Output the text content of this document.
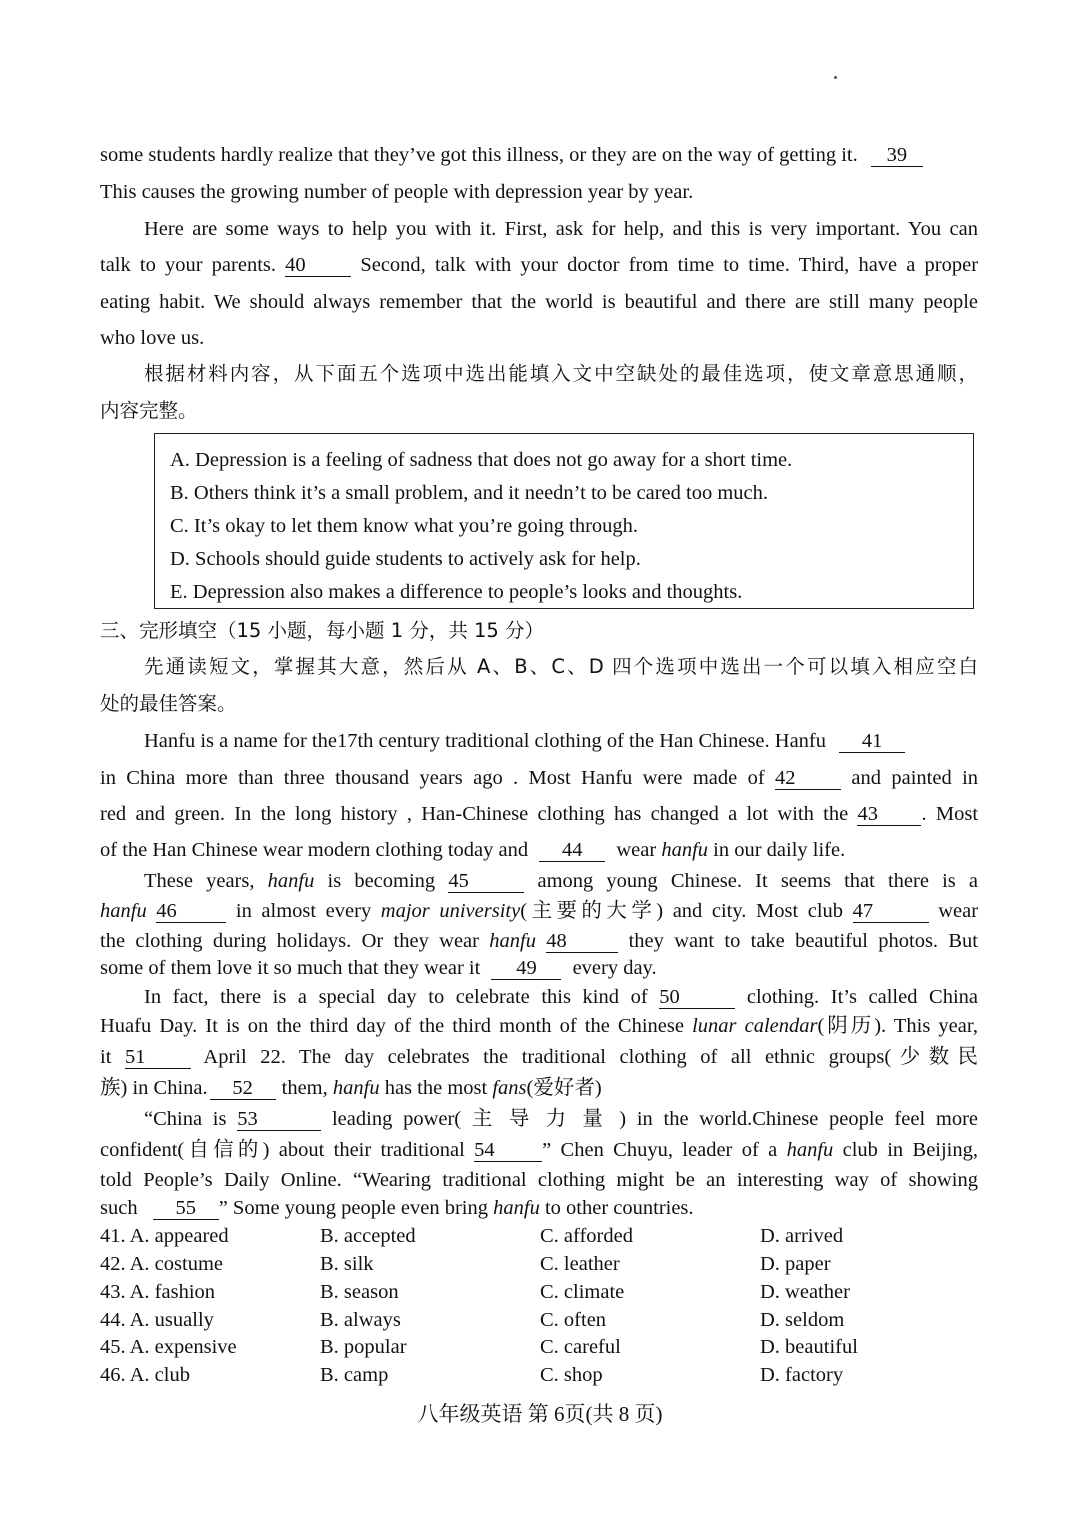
some students hardly realize that they’ve got this illness, or they are on the way of getting it. 39
This causes the growing number of people with depression year by year.
Here are some ways to help you with it. First, ask for help, and this is very important. You can
talk to your parents. 40	Second, talk with your doctor from time to time. Third, have a proper
eating habit. We should always remember that the world is beautiful and there are still many people
who love us.
根据材料内容，从下面五个选项中选出能填入文中空缺处的最佳选项，使文章意思通顺，
内容完整。
A. Depression is a feeling of sadness that does not go away for a short time.
B. Others think it’s a small problem, and it needn’t to be cared too much.
C. It’s okay to let them know what you’re going through.
D. Schools should guide students to actively ask for help.
E. Depression also makes a difference to people’s looks and thoughts.
三、完形填空（15 小题，每小题 1 分，共 15 分）
先通读短文，掌握其大意，然后从 A、B、C、D 四个选项中选出一个可以填入相应空白
处的最佳答案。
Hanfu is a name for the17th century traditional clothing of the Han Chinese. Hanfu 41
in China more than three thousand years ago . Most Hanfu were made of 42	and painted in
red and green. In the long history , Han-Chinese clothing has changed a lot with the 43 . Most
of the Han Chinese wear modern clothing today and 44 wear hanfu in our daily life.
These years, hanfu is becoming 45	among young Chinese. It seems that there is a
hanfu 46	in almost every major university(主要的大学) and city. Most club 47	wear
the clothing during holidays. Or they wear hanfu 48	they want to take beautiful photos. But
some of them love it so much that they wear it 49 every day.
In fact, there is a special day to celebrate this kind of 50	clothing. It’s called China
Huafu Day. It is on the third day of the third month of the Chinese lunar calendar(阴历). This year,
it 51	April 22. The day celebrates the traditional clothing of all ethnic groups(少数民
族) in China. 52 them, hanfu has the most fans(爱好者)
“China is 53	leading power( 主 导 力 量 ) in the world.Chinese people feel more
confident(自信的) about their traditional 54 ” Chen Chuyu, leader of a hanfu club in Beijing,
told People’s Daily Online. “Wearing traditional clothing might be an interesting way of showing
such 55 ” Some young people even bring hanfu to other countries.
41. A. appeared	B. accepted	C. afforded	D. arrived
42. A. costume	B. silk	C. leather	D. paper
43. A. fashion	B. season	C. climate	D. weather
44. A. usually	B. always	C. often	D. seldom
45. A. expensive	B. popular	C. careful	D. beautiful
46. A. club	B. camp	C. shop	D. factory
八年级英语 第 6页(共 8 页)
